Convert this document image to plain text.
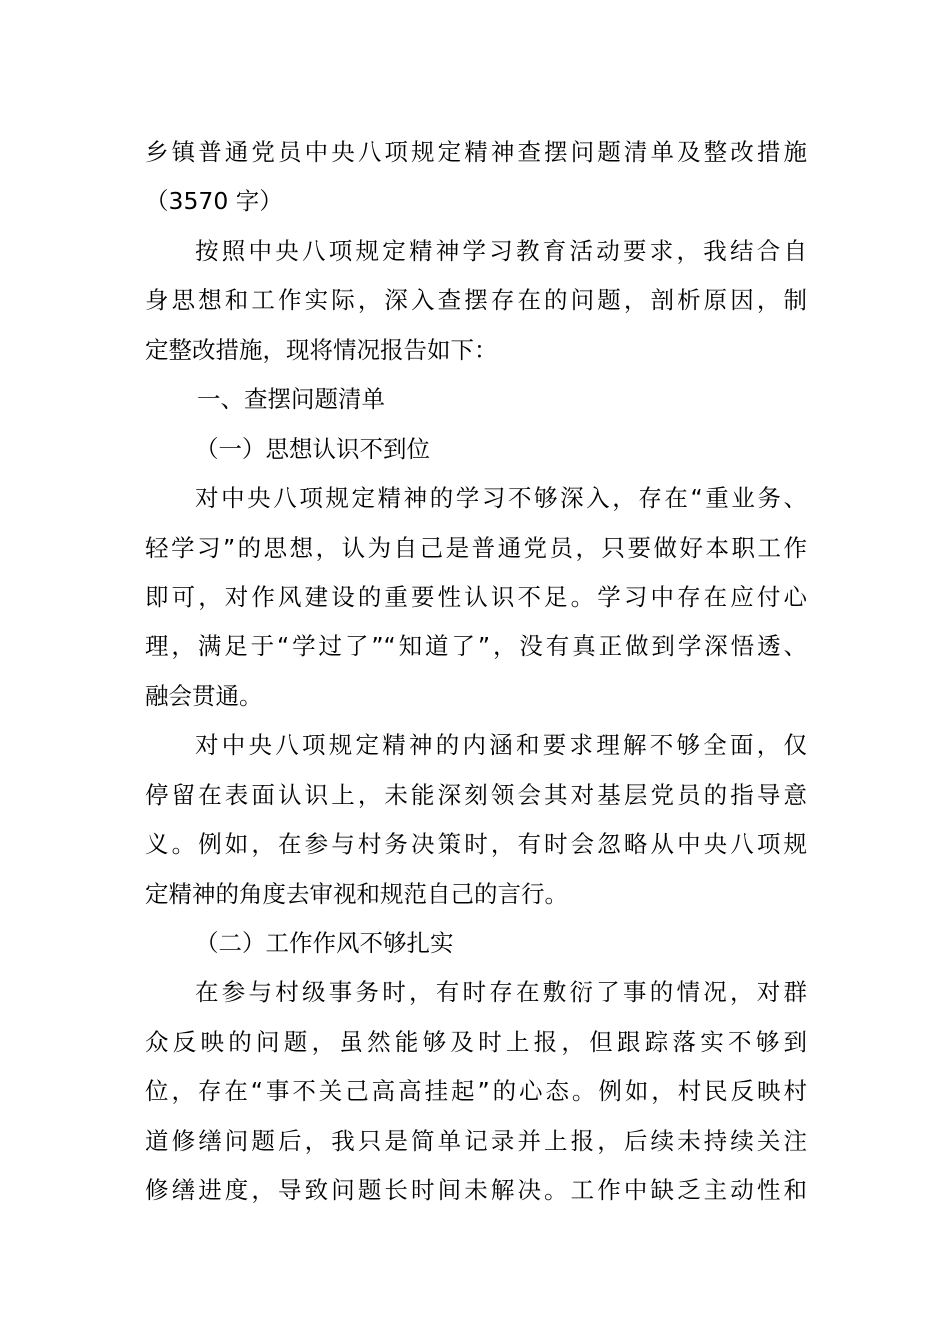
乡镇普通党员中央八项规定精神查摆问题清单及整改措施
（3570 字）
按照中央八项规定精神学习教育活动要求，我结合自
身思想和工作实际，深入查摆存在的问题，剖析原因，制
定整改措施，现将情况报告如下：
一、查摆问题清单
（一）思想认识不到位
对中央八项规定精神的学习不够深入，存在“重业务、
轻学习”的思想，认为自己是普通党员，只要做好本职工作
即可，对作风建设的重要性认识不足。学习中存在应付心
理，满足于“学过了”“知道了”，没有真正做到学深悟透、
融会贯通。
对中央八项规定精神的内涵和要求理解不够全面，仅
停留在表面认识上，未能深刻领会其对基层党员的指导意
义。例如，在参与村务决策时，有时会忽略从中央八项规
定精神的角度去审视和规范自己的言行。
（二）工作作风不够扎实
在参与村级事务时，有时存在敷衍了事的情况，对群
众反映的问题，虽然能够及时上报，但跟踪落实不够到
位，存在“事不关己高高挂起”的心态。例如，村民反映村
道修缮问题后，我只是简单记录并上报，后续未持续关注
修缮进度，导致问题长时间未解决。工作中缺乏主动性和
